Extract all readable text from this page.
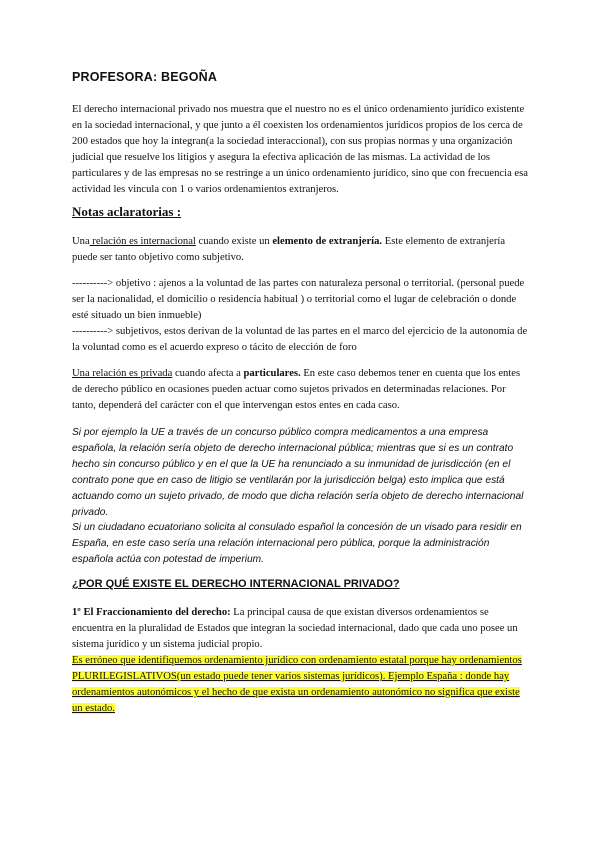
PROFESORA: BEGOÑA

El derecho internacional privado nos muestra que el nuestro no es el único ordenamiento jurídico existente en la sociedad internacional, y que junto a él coexisten los ordenamientos jurídicos propios de los cerca de 200 estados que hoy la integran(a la sociedad interaccional), con sus propias normas y una organización judicial que resuelve los litigios y asegura la efectiva aplicación de las mismas. La actividad de los particulares y de las empresas no se restringe a un único ordenamiento jurídico, sino que con frecuencia esa actividad les vincula con 1 o varios ordenamientos extranjeros.

Notas aclaratorias :

Una relación es internacional cuando existe un elemento de extranjería. Este elemento de extranjería puede ser tanto objetivo como subjetivo.

----------> objetivo : ajenos a la voluntad de las partes con naturaleza personal o territorial. (personal puede ser la nacionalidad, el domicilio o residencia habitual ) o territorial como el lugar de celebración o donde esté situado un bien inmueble)

----------> subjetivos, estos derivan de la voluntad de las partes en el marco del ejercicio de la autonomía de la voluntad como es el acuerdo expreso o tácito de elección de foro

Una relación es privada cuando afecta a particulares. En este caso debemos tener en cuenta que los entes de derecho público en ocasiones pueden actuar como sujetos privados en determinadas relaciones. Por tanto, dependerá del carácter con el que intervengan estos entes en cada caso.

Si por ejemplo la UE a través de un concurso público compra medicamentos a una empresa española, la relación sería objeto de derecho internacional pública; mientras que si es un contrato hecho sin concurso público y en el que la UE ha renunciado a su inmunidad de jurisdicción (en el contrato pone que en caso de litigio se ventilarán por la jurisdicción belga) esto implica que está actuando como un sujeto privado, de modo que dicha relación sería objeto de derecho internacional privado.

Si un ciudadano ecuatoriano solicita al consulado español la concesión de un visado para residir en España, en este caso sería una relación internacional pero pública, porque la administración española actúa con potestad de imperium.

¿POR QUÉ EXISTE EL DERECHO INTERNACIONAL PRIVADO?

1º El Fraccionamiento del derecho: La principal causa de que existan diversos ordenamientos se encuentra en la pluralidad de Estados que integran la sociedad internacional, dado que cada uno posee un sistema jurídico y un sistema judicial propio.
Es erróneo que identifiquemos ordenamiento jurídico con ordenamiento estatal porque hay ordenamientos PLURILEGISLATIVOS(un estado puede tener varios sistemas jurídicos). Ejemplo España : donde hay ordenamientos autonómicos y el hecho de que exista un ordenamiento autonómico no significa que existe un estado.
